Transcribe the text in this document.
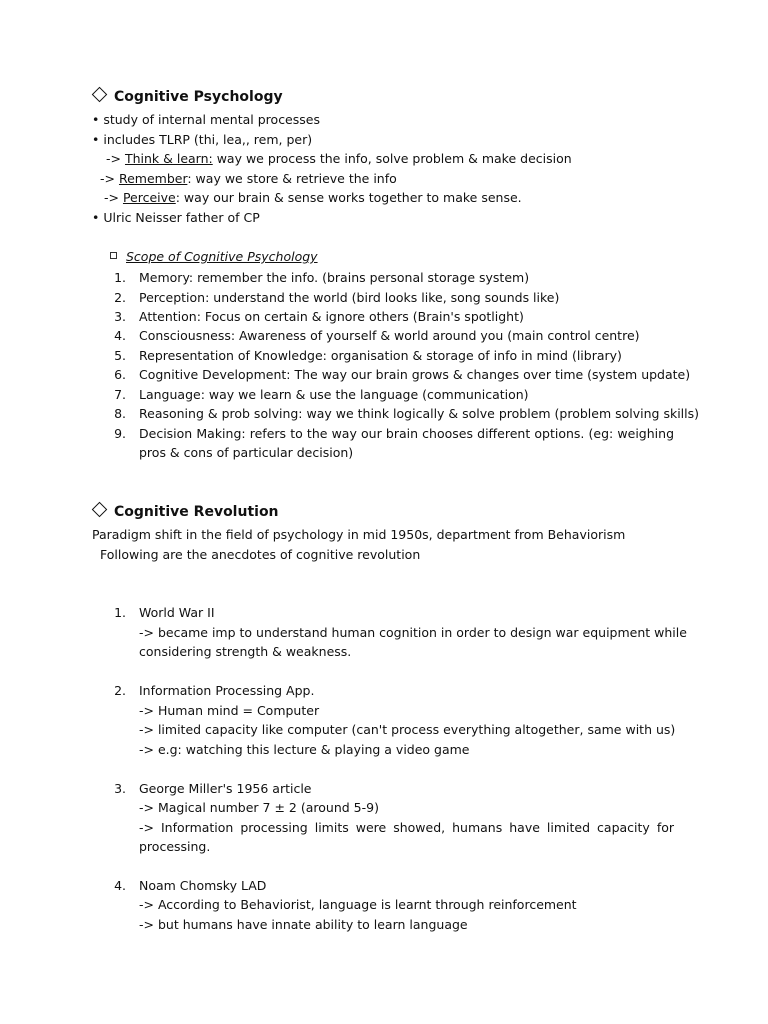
Cognitive Psychology
• study of internal mental processes
• includes TLRP (thi, lea,, rem, per)
-> Think & learn: way we process the info, solve problem & make decision
-> Remember: way we store & retrieve the info
-> Perceive: way our brain & sense works together to make sense.
• Ulric Neisser father of CP
Scope of Cognitive Psychology
1. Memory: remember the info. (brains personal storage system)
2. Perception: understand the world (bird looks like, song sounds like)
3. Attention: Focus on certain & ignore others (Brain's spotlight)
4. Consciousness: Awareness of yourself & world around you (main control centre)
5. Representation of Knowledge: organisation & storage of info in mind (library)
6. Cognitive Development: The way our brain grows & changes over time (system update)
7. Language: way we learn & use the language (communication)
8. Reasoning & prob solving: way we think logically & solve problem (problem solving skills)
9. Decision Making: refers to the way our brain chooses different options. (eg: weighing
pros & cons of particular decision)
Cognitive Revolution
Paradigm shift in the field of psychology in mid 1950s, department from Behaviorism
Following are the anecdotes of cognitive revolution
1. World War II
-> became imp to understand human cognition in order to design war equipment while
considering strength & weakness.
2. Information Processing App.
-> Human mind = Computer
-> limited capacity like computer (can't process everything altogether, same with us)
-> e.g: watching this lecture & playing a video game
3. George Miller's 1956 article
-> Magical number 7 ± 2 (around 5-9)
-> Information processing limits were showed, humans have limited capacity for
processing.
4. Noam Chomsky LAD
-> According to Behaviorist, language is learnt through reinforcement
-> but humans have innate ability to learn language
